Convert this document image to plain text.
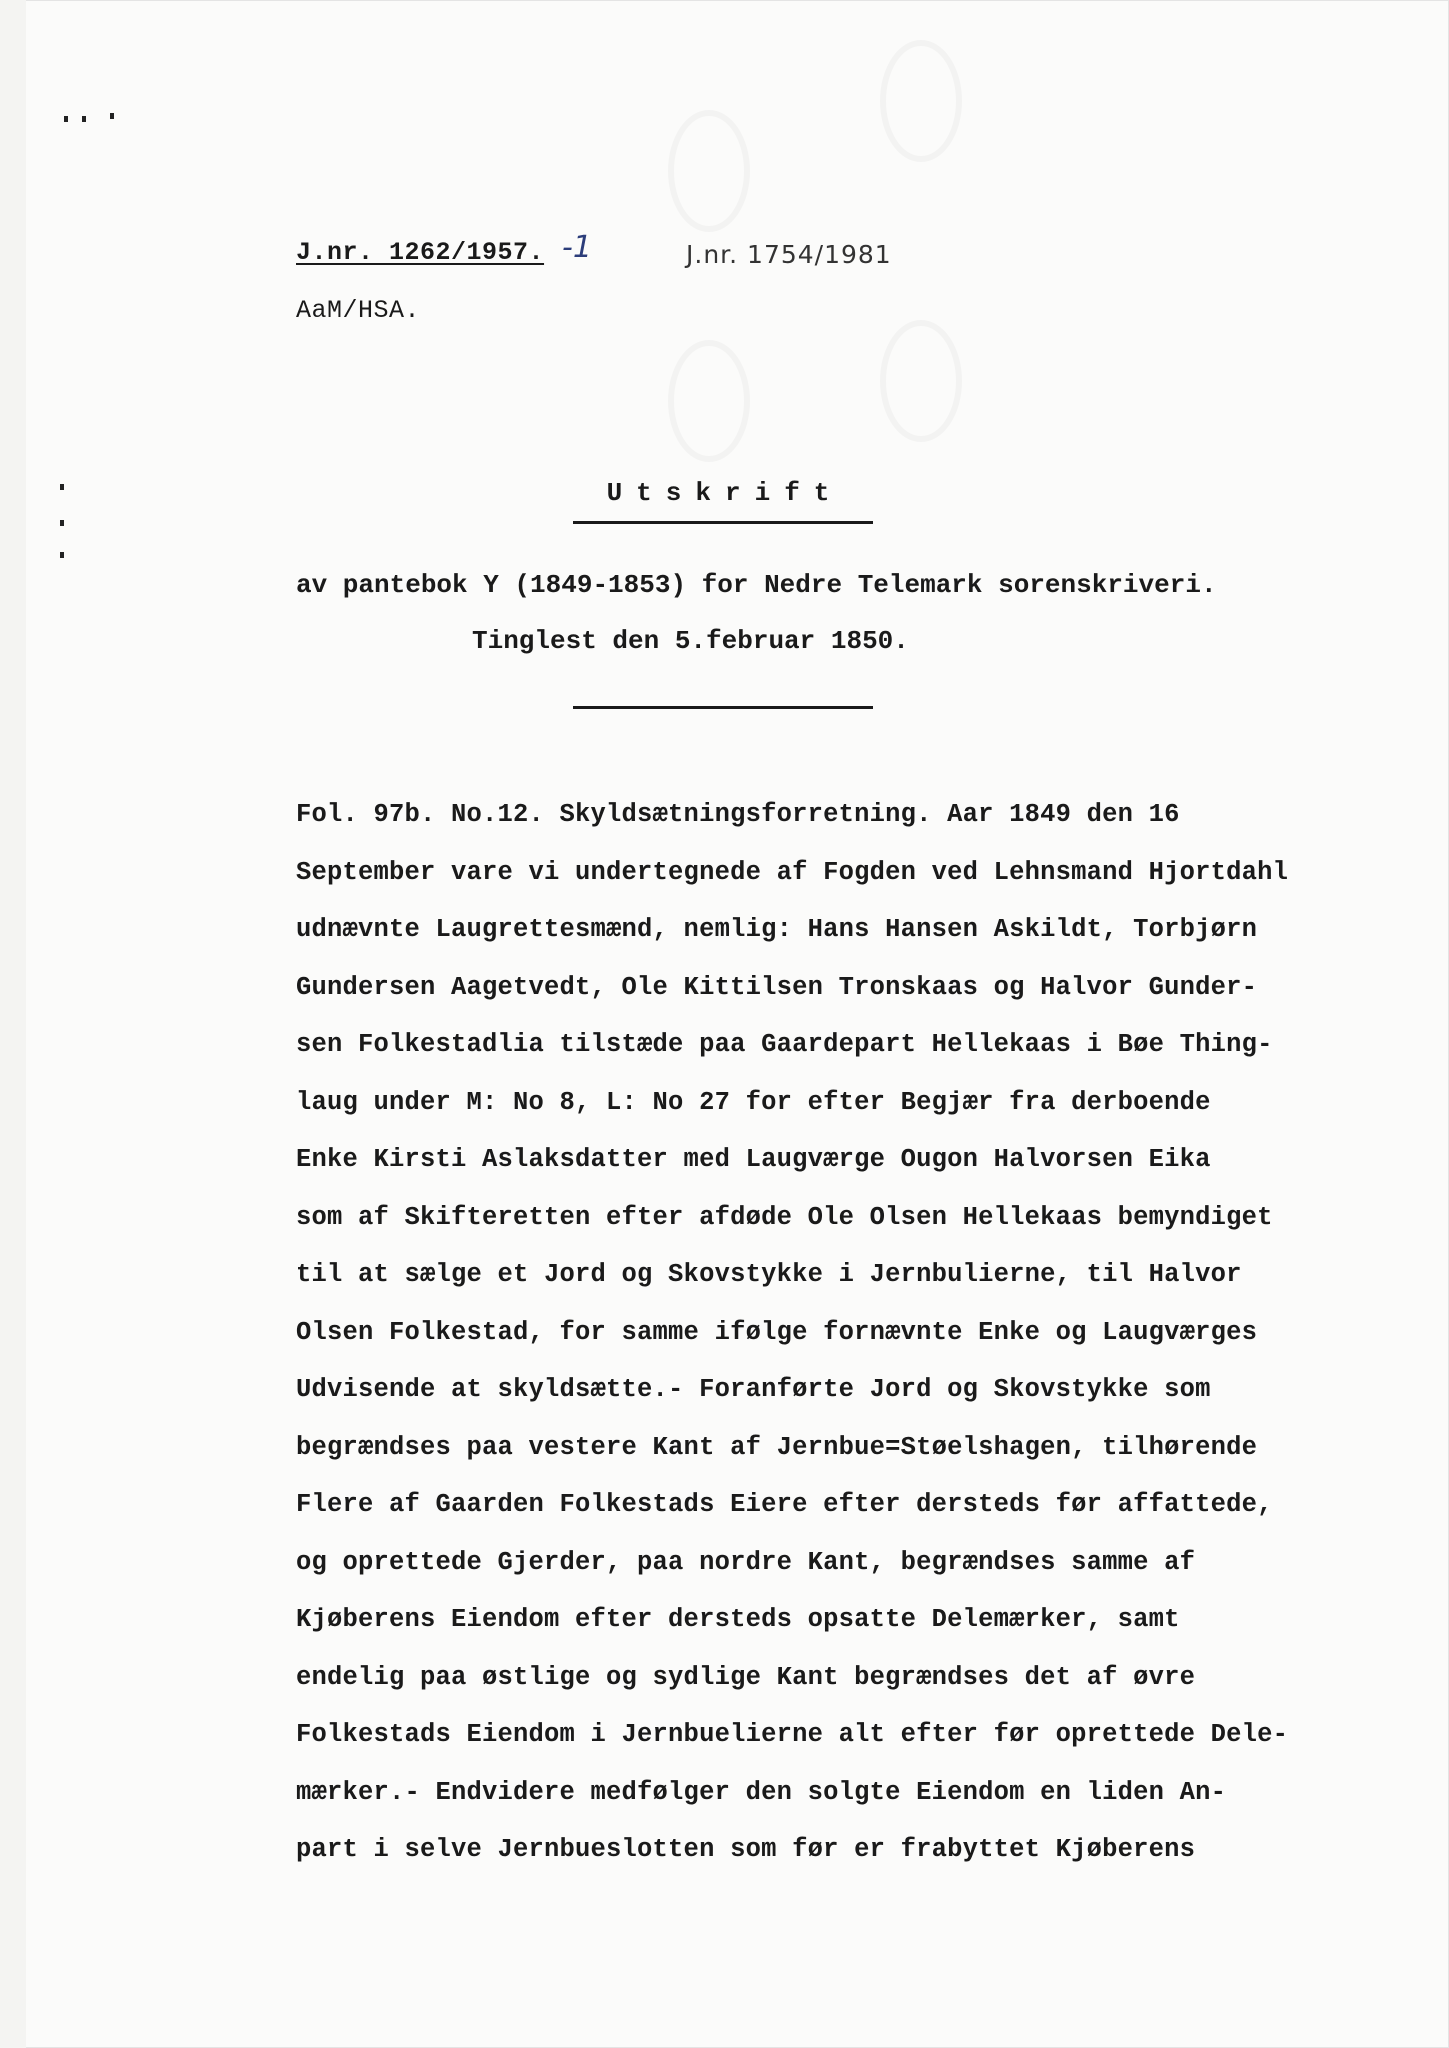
J.nr. 1262/1957. -1	J.nr. 1754/1981
AaM/HSA.
Utskrift
av pantebok Y (1849-1853) for Nedre Telemark sorenskriveri.
Tinglest den 5.februar 1850.
Fol. 97b. No.12. Skyldsætningsforretning. Aar 1849 den 16
September vare vi undertegnede af Fogden ved Lehnsmand Hjortdahl
udnævnte Laugrettesmænd, nemlig: Hans Hansen Askildt, Torbjørn
Gundersen Aagetvedt, Ole Kittilsen Tronskaas og Halvor Gunder-
sen Folkestadlia tilstæde paa Gaardepart Hellekaas i Bøe Thing-
laug under M: No 8, L: No 27 for efter Begjær fra derboende
Enke Kirsti Aslaksdatter med Laugværge Ougon Halvorsen Eika
som af Skifteretten efter afdøde Ole Olsen Hellekaas bemyndiget
til at sælge et Jord og Skovstykke i Jernbulierne, til Halvor
Olsen Folkestad, for samme ifølge fornævnte Enke og Laugværges
Udvisende at skyldsætte.- Foranførte Jord og Skovstykke som
begrændses paa vestere Kant af Jernbue=Støelshagen, tilhørende
Flere af Gaarden Folkestads Eiere efter dersteds før affattede,
og oprettede Gjerder, paa nordre Kant, begrændses samme af
Kjøberens Eiendom efter dersteds opsatte Delemærker, samt
endelig paa østlige og sydlige Kant begrændses det af øvre
Folkestads Eiendom i Jernbuelierne alt efter før oprettede Dele-
mærker.- Endvidere medfølger den solgte Eiendom en liden An-
part i selve Jernbueslotten som før er frabyttet Kjøberens
